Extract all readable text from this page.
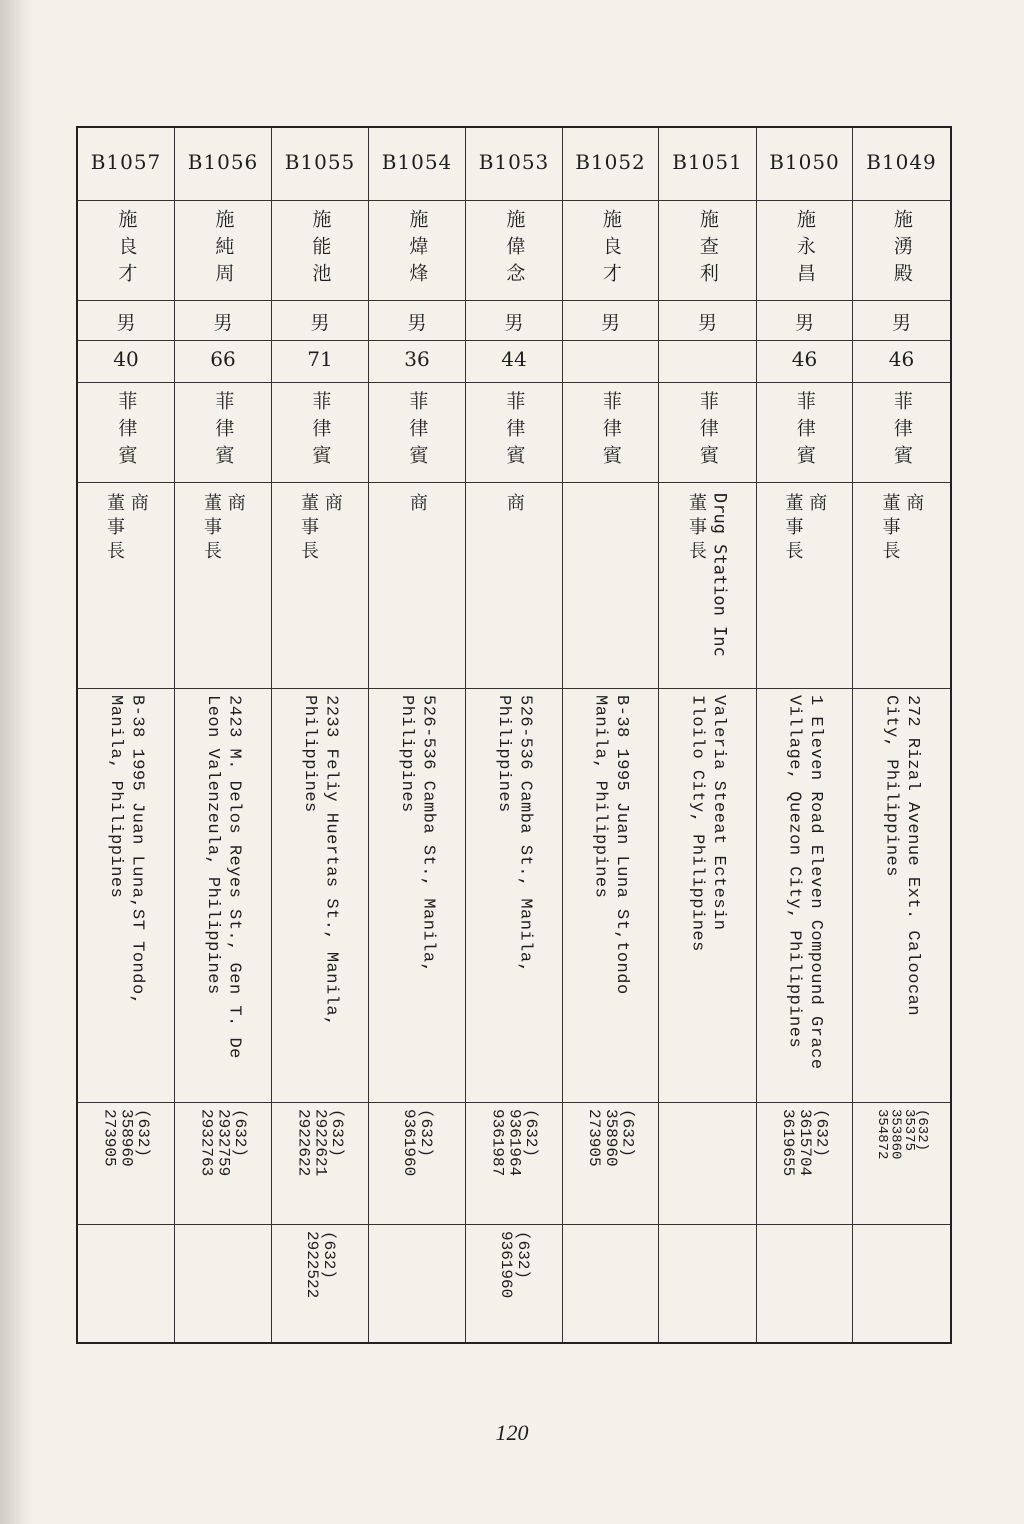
B1057
施良才
男
40
菲律賓
商
董事長
B-38 1995 Juan Luna,ST Tondo,
Manila, Philippines
(632)
358960
273905
B1056
施純周
男
66
菲律賓
商
董事長
2423 M. Delos Reyes St., Gen T. De
Leon Valenzeula, Philippines
(632)
2932759
2932763
B1055
施能池
男
71
菲律賓
商
董事長
2233 Feliy Huertas St., Manila,
Philippines
(632)
2922621
2922622
(632)
2922522
B1054
施煒烽
男
36
菲律賓
商
526-536 Camba St., Manila,
Philippines
(632)
9361960
B1053
施偉念
男
44
菲律賓
商
526-536 Camba St., Manila,
Philippines
(632)
9361964
9361987
(632)
9361960
B1052
施良才
男
菲律賓
B-38 1995 Juan Luna St,tondo
Manila, Philippines
(632)
358960
273905
B1051
施查利
男
菲律賓
Drug Station Inc
董事長
Valeria Steeat Ectesin
Iloilo City, Philippines
B1050
施永昌
男
46
菲律賓
商
董事長
1 Eleven Road Eleven Compound Grace
Village, Quezon City, Philippines
(632)
3615704
3619655
B1049
施湧殿
男
46
菲律賓
商
董事長
272 Rizal Avenue Ext. Caloocan
City, Philippines
(632)
35375
353860
354872
120
